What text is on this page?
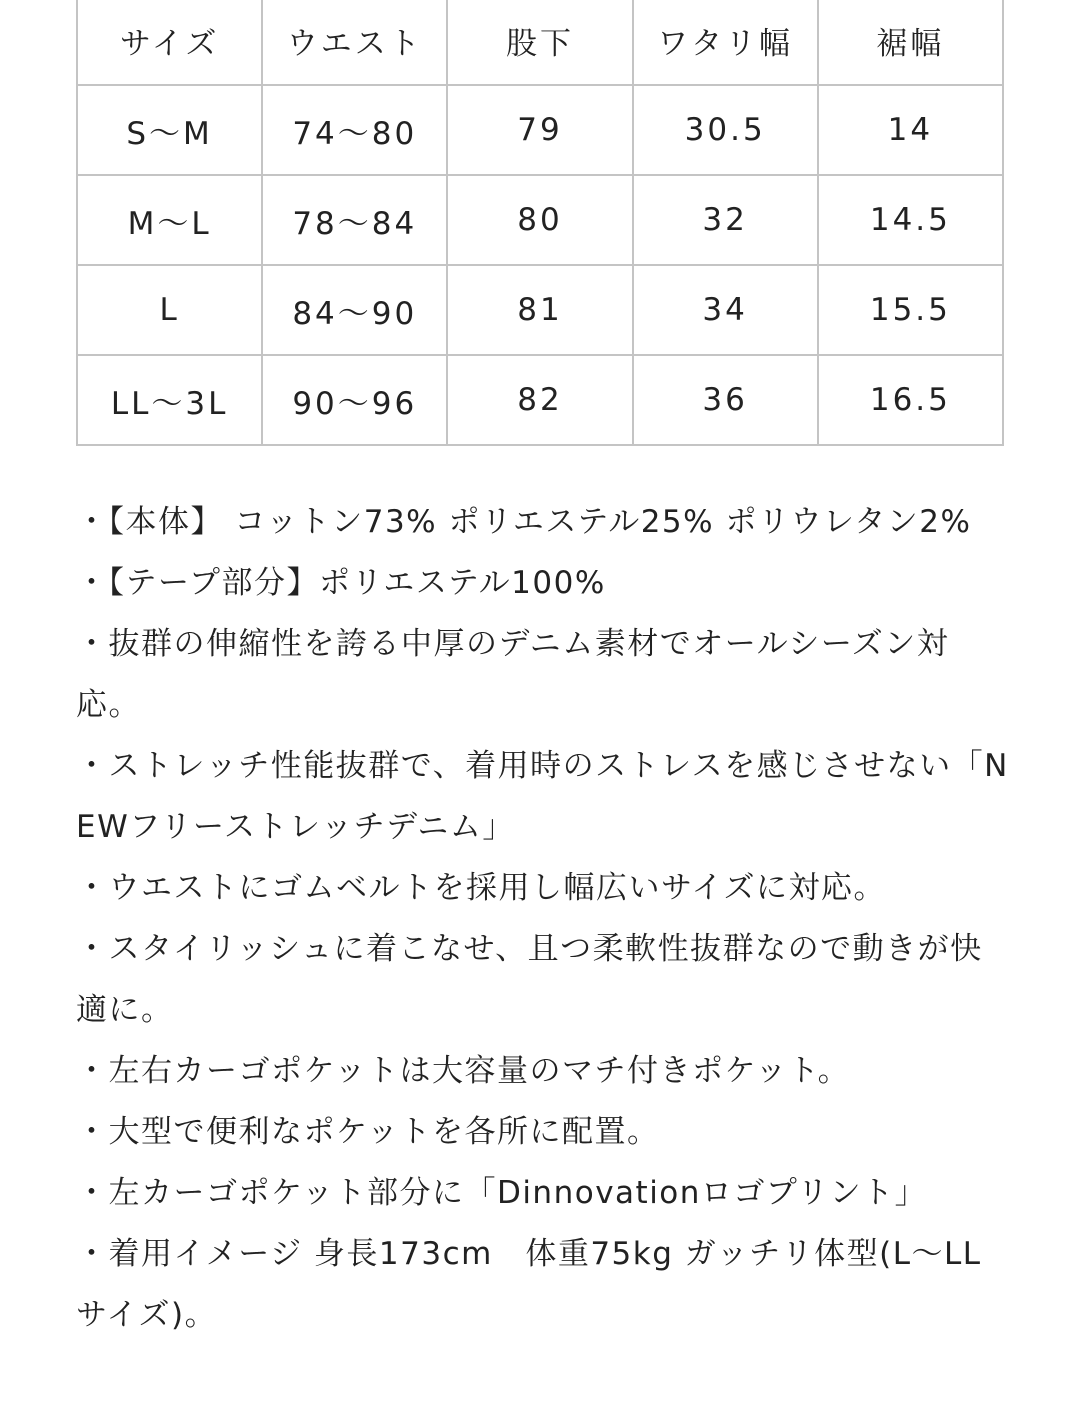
サイズ	ウエスト	股下	ワタリ幅	裾幅
S〜M	74〜80	79	30.5	14
M〜L	78〜84	80	32	14.5
L	84〜90	81	34	15.5
LL〜3L	90〜96	82	36	16.5
・【本体】 コットン73% ポリエステル25% ポリウレタン2%
・【テープ部分】ポリエステル100%
・抜群の伸縮性を誇る中厚のデニム素材でオールシーズン対応。
・ストレッチ性能抜群で、着用時のストレスを感じさせない「NEWフリーストレッチデニム」
・ウエストにゴムベルトを採用し幅広いサイズに対応。
・スタイリッシュに着こなせ、且つ柔軟性抜群なので動きが快適に。
・左右カーゴポケットは大容量のマチ付きポケット。
・大型で便利なポケットを各所に配置。
・左カーゴポケット部分に「Dinnovationロゴプリント」
・着用イメージ 身長173cm　体重75kg ガッチリ体型(L〜LLサイズ)。
